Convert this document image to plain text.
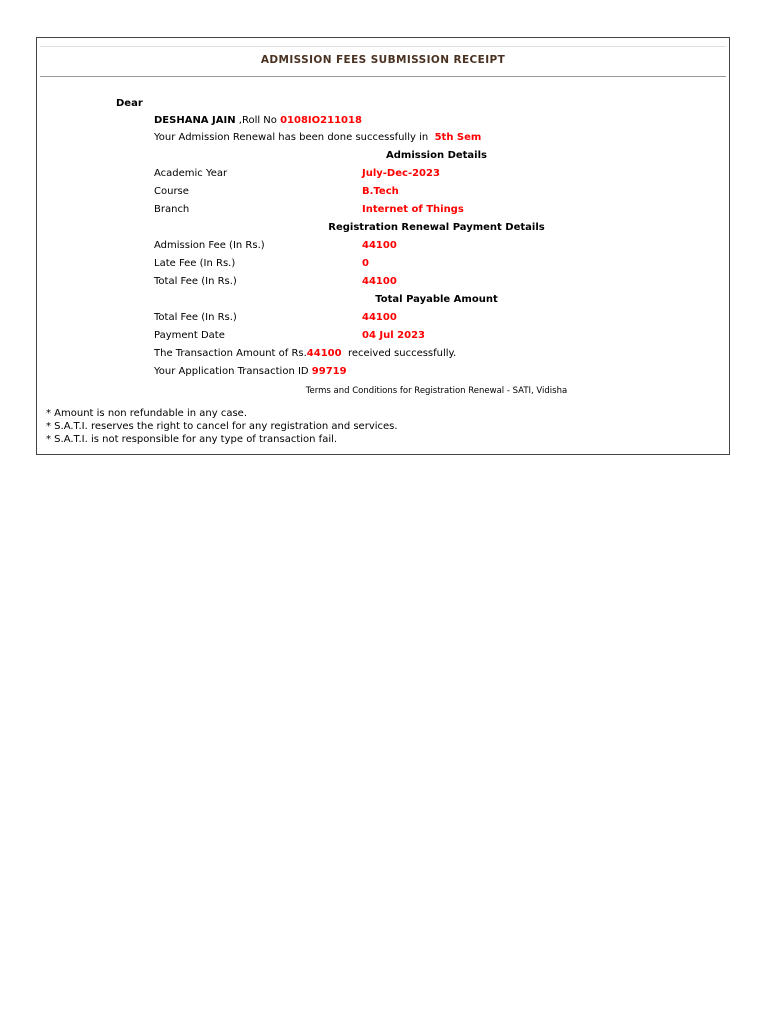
ADMISSION FEES SUBMISSION RECEIPT
Dear
DESHANA JAIN ,Roll No 0108IO211018
Your Admission Renewal has been done successfully in  5th Sem
Admission Details
Academic Year	July-Dec-2023
Course	B.Tech
Branch	Internet of Things
Registration Renewal Payment Details
Admission Fee (In Rs.)	44100
Late Fee (In Rs.)	0
Total Fee (In Rs.)	44100
Total Payable Amount
Total Fee (In Rs.)	44100
Payment Date	04 Jul 2023
The Transaction Amount of Rs.44100  received successfully.
Your Application Transaction ID 99719
Terms and Conditions for Registration Renewal - SATI, Vidisha
* Amount is non refundable in any case.
* S.A.T.I. reserves the right to cancel for any registration and services.
* S.A.T.I. is not responsible for any type of transaction fail.
